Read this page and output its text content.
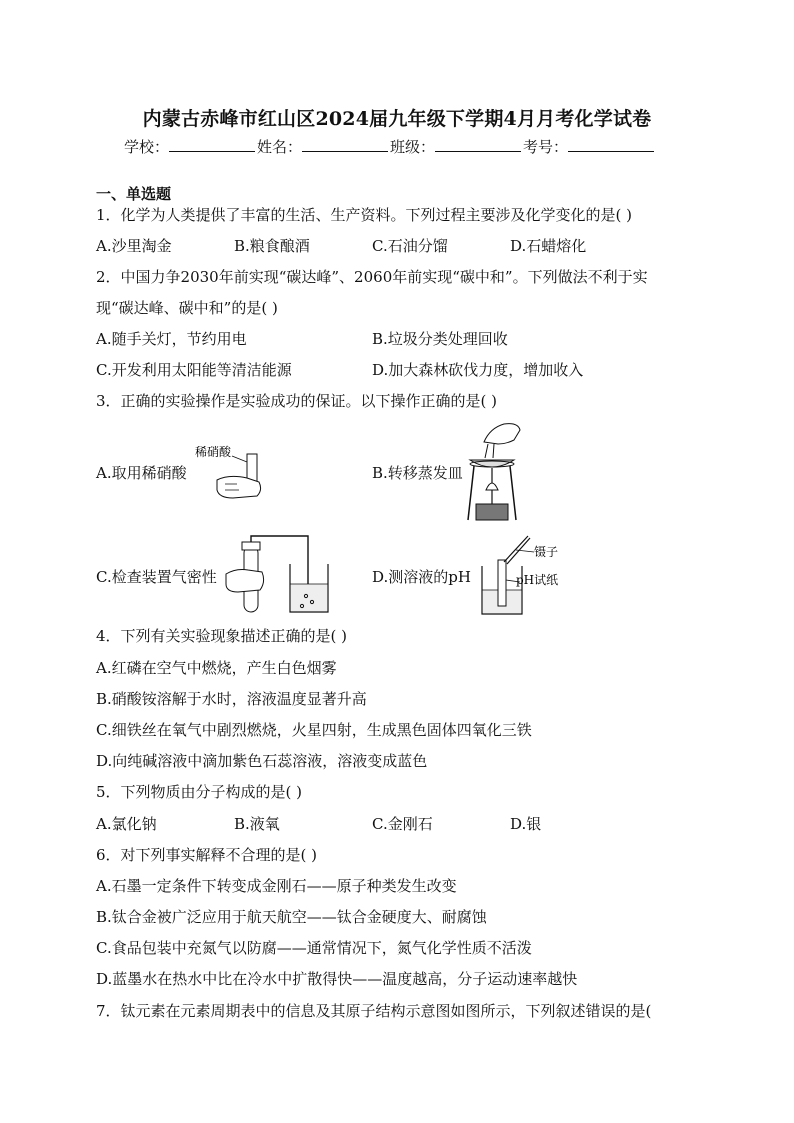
内蒙古赤峰市红山区2024届九年级下学期4月月考化学试卷
学校：	姓名：	班级：	考号：
一、单选题
1．化学为人类提供了丰富的生活、生产资料。下列过程主要涉及化学变化的是( )
A.沙里淘金	B.粮食酿酒	C.石油分馏	D.石蜡熔化
2．中国力争2030年前实现“碳达峰”、2060年前实现“碳中和”。下列做法不利于实
现“碳达峰、碳中和”的是( )
A.随手关灯，节约用电	B.垃圾分类处理回收
C.开发利用太阳能等清洁能源	D.加大森林砍伐力度，增加收入
3．正确的实验操作是实验成功的保证。以下操作正确的是( )
A.取用稀硝酸	B.转移蒸发皿
C.检查装置气密性	D.测溶液的pH
稀硝酸
镊子
pH试纸
4．下列有关实验现象描述正确的是( )
A.红磷在空气中燃烧，产生白色烟雾
B.硝酸铵溶解于水时，溶液温度显著升高
C.细铁丝在氧气中剧烈燃烧，火星四射，生成黑色固体四氧化三铁
D.向纯碱溶液中滴加紫色石蕊溶液，溶液变成蓝色
5．下列物质由分子构成的是( )
A.氯化钠	B.液氧	C.金刚石	D.银
6．对下列事实解释不合理的是( )
A.石墨一定条件下转变成金刚石——原子种类发生改变
B.钛合金被广泛应用于航天航空——钛合金硬度大、耐腐蚀
C.食品包装中充氮气以防腐——通常情况下，氮气化学性质不活泼
D.蓝墨水在热水中比在冷水中扩散得快——温度越高，分子运动速率越快
7．钛元素在元素周期表中的信息及其原子结构示意图如图所示，下列叙述错误的是(
